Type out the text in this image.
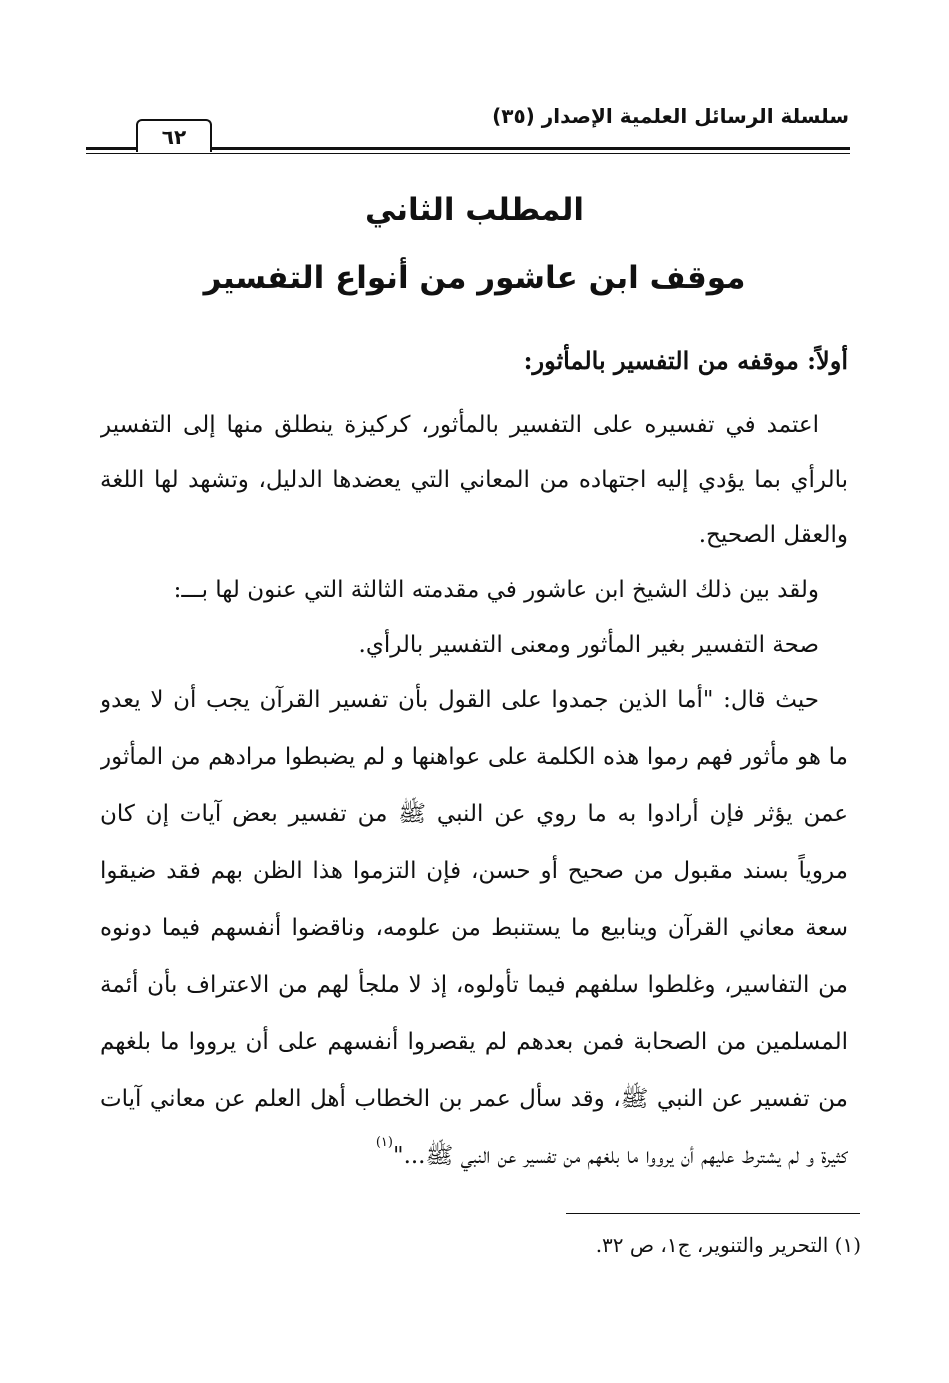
سلسلة الرسائل العلمية الإصدار (٣٥)
٦٢
المطلب الثاني
موقف ابن عاشور من أنواع التفسير
أولاً: موقفه من التفسير بالمأثور:
اعتمد في تفسيره على التفسير بالمأثور، كركيزة ينطلق منها إلى التفسير
بالرأي بما يؤدي إليه اجتهاده من المعاني التي يعضدها الدليل، وتشهد لها اللغة
والعقل الصحيح.
ولقد بين ذلك الشيخ ابن عاشور في مقدمته الثالثة التي عنون لها بـــ:
صحة التفسير بغير المأثور ومعنى التفسير بالرأي.
حيث قال: "أما الذين جمدوا على القول بأن تفسير القرآن يجب أن لا يعدو
ما هو مأثور فهم رموا هذه الكلمة على عواهنها و لم يضبطوا مرادهم من المأثور
عمن يؤثر فإن أرادوا به ما روي عن النبي ﷺ من تفسير بعض آيات إن كان
مروياً بسند مقبول من صحيح أو حسن، فإن التزموا هذا الظن بهم فقد ضيقوا
سعة معاني القرآن وينابيع ما يستنبط من علومه، وناقضوا أنفسهم فيما دونوه
من التفاسير، وغلطوا سلفهم فيما تأولوه، إذ لا ملجأ لهم من الاعتراف بأن أئمة
المسلمين من الصحابة فمن بعدهم لم يقصروا أنفسهم على أن يرووا ما بلغهم
من تفسير عن النبي ﷺ، وقد سأل عمر بن الخطاب أهل العلم عن معاني آيات
كثيرة و لم يشترط عليهم أن يرووا ما بلغهم من تفسير عن النبي ﷺ..."$^{(١)}$
(١) التحرير والتنوير، ج١، ص ٣٢.
